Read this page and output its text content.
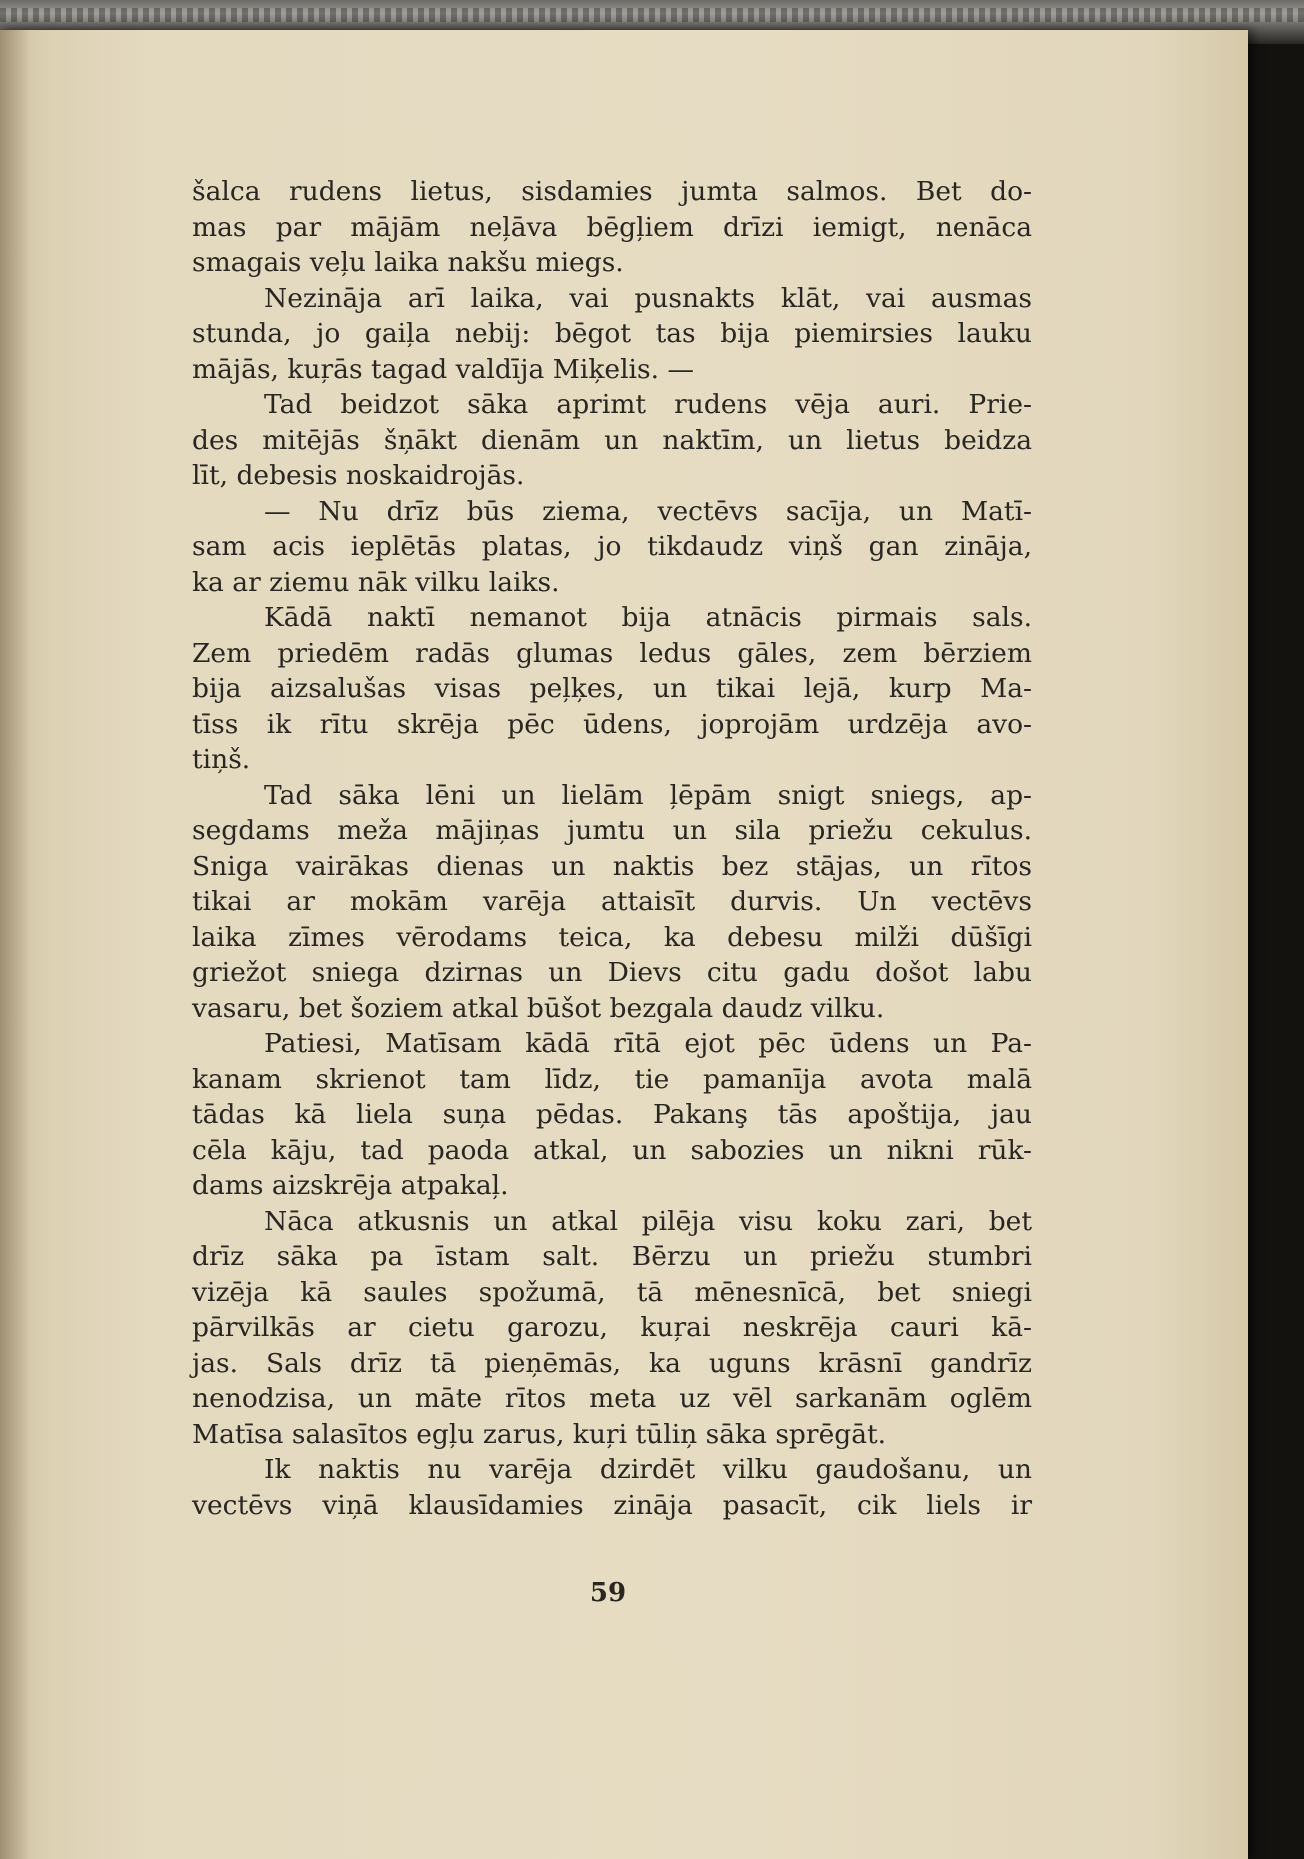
šalca rudens lietus, sisdamies jumta salmos. Bet do-
mas par mājām neļāva bēgļiem drīzi iemigt, nenāca
smagais veļu laika nakšu miegs.
Nezināja arī laika, vai pusnakts klāt, vai ausmas
stunda, jo gaiļa nebij: bēgot tas bija piemirsies lauku
mājās, kuŗās tagad valdīja Miķelis. —
Tad beidzot sāka aprimt rudens vēja auri. Prie-
des mitējās šņākt dienām un naktīm, un lietus beidza
līt, debesis noskaidrojās.
— Nu drīz būs ziema, vectēvs sacīja, un Matī-
sam acis ieplētās platas, jo tikdaudz viņš gan zināja,
ka ar ziemu nāk vilku laiks.
Kādā naktī nemanot bija atnācis pirmais sals.
Zem priedēm radās glumas ledus gāles, zem bērziem
bija aizsalušas visas peļķes, un tikai lejā, kurp Ma-
tīss ik rītu skrēja pēc ūdens, joprojām urdzēja avo-
tiņš.
Tad sāka lēni un lielām ļēpām snigt sniegs, ap-
segdams meža mājiņas jumtu un sila priežu cekulus.
Sniga vairākas dienas un naktis bez stājas, un rītos
tikai ar mokām varēja attaisīt durvis. Un vectēvs
laika zīmes vērodams teica, ka debesu milži dūšīgi
griežot sniega dzirnas un Dievs citu gadu došot labu
vasaru, bet šoziem atkal būšot bezgala daudz vilku.
Patiesi, Matīsam kādā rītā ejot pēc ūdens un Pa-
kanam skrienot tam līdz, tie pamanīja avota malā
tādas kā liela suņa pēdas. Pakanş tās apoštija, jau
cēla kāju, tad paoda atkal, un sabozies un nikni rūk-
dams aizskrēja atpakaļ.
Nāca atkusnis un atkal pilēja visu koku zari, bet
drīz sāka pa īstam salt. Bērzu un priežu stumbri
vizēja kā saules spožumā, tā mēnesnīcā, bet sniegi
pārvilkās ar cietu garozu, kuŗai neskrēja cauri kā-
jas. Sals drīz tā pieņēmās, ka uguns krāsnī gandrīz
nenodzisa, un māte rītos meta uz vēl sarkanām oglēm
Matīsa salasītos egļu zarus, kuŗi tūliņ sāka sprēgāt.
Ik naktis nu varēja dzirdēt vilku gaudošanu, un
vectēvs viņā klausīdamies zināja pasacīt, cik liels ir
59
